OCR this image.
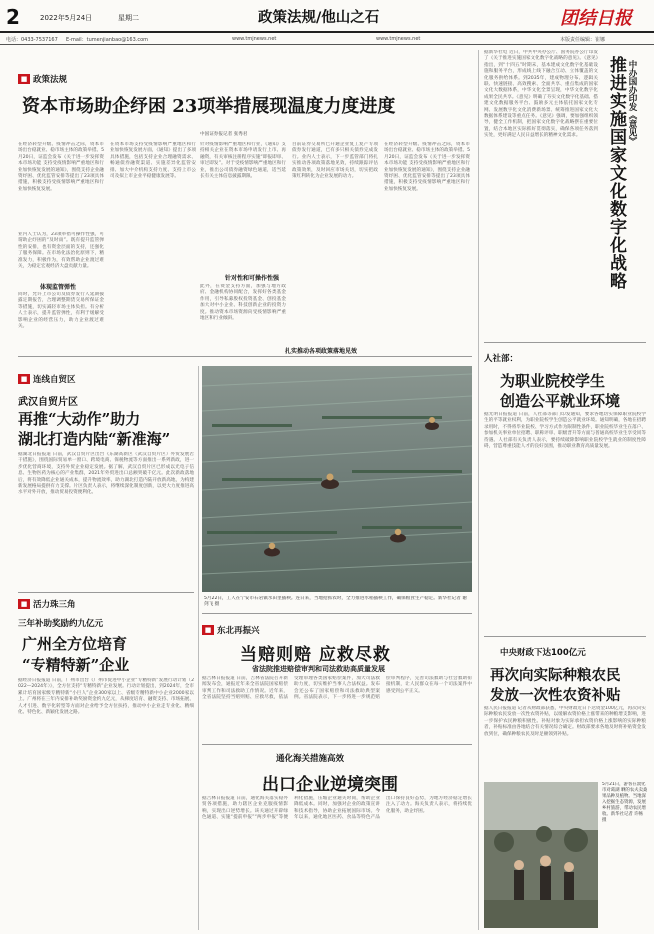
2	2022年5月24日	星期二	政策法规/他山之石	团结日报
电话：0433-7537167 E-mail：tumenjianbao@163.com	www.tmjnews.net	www.tmjnews.net	本版责任编辑：崔娜
■ 政策法规
资本市场助企纾困 23项举措展现温度力度进度
中国证券报记者 张秀君
在经济转型升级、疫情冲击之际，资本市场出台稳就业、稳市场主体的政策举措。5月20日，证监会发布《关于进一步发挥资本市场功能 支持受疫情影响严重地区和行业加快恢复发展的通知》，围绕支持企业融资纾困、优化监管安排等提出了23项具体措施，积极支持受疫情影响严重地区和行业加快恢复发展。
业内人士认为，23项举措可操作性强，可谓助企纾困的“及时雨”。既有提升监管弹性的安排，也有资金层面的支持，还强化了服务保障。在市场化法治化原则下，精准发力，积极作为，有效帮助企业渡过难关，为稳定宏观经济大盘贡献力量。
体现监管弹性
同时，允许上市公司及债券发行人延期披露定期报告，合理调整期货交易所保证金等措施，切实减轻市场主体负担。有分析人士表示，提升监管弹性，有利于缓解受影响企业的经营压力，助力企业渡过难关。
在资本市场支持受疫情影响严重地区和行业加快恢复发展方面，《通知》提出了多项具体措施，包括支持企业合理融资需求、畅通债券融资渠道、实施差异化监管安排、加大中介机构支持力度、支持上市公司及拟上市企业平稳健康发展等。
针对疫情影响严重地区和行业，《通知》支持相关企业在资本市场申请发行上市、再融资，有关审核注册程序实施“即报即审、审过即发”。对于受疫情影响严重地区和行业，推出公司债券融资绿色通道，适当延长有关主体信息披露期限。
针对性和可操作性强
此外，在资金支持方面，加强与地方政府、金融机构协同配合，发挥好各类基金作用，引导私募股权投资基金、创投基金加大对中小企业、科技创新企业的投资力度。推动资本市场资源向受疫情影响严重地区和行业倾斜。
扎实推动各项政策落地见效
目前证券交易所已开通企业复工复产专项债券发行通道，已有多只相关债券完成发行。业内人士表示，下一步监管部门将扎实推动各项政策落地见效，持续跟踪评估政策效果，及时回应市场关切，切实把政策红利转化为企业发展的动力。
在经济转型升级、疫情冲击之际，资本市场出台稳就业、稳市场主体的政策举措。5月20日，证监会发布《关于进一步发挥资本市场功能 支持受疫情影响严重地区和行业加快恢复发展的通知》，围绕支持企业融资纾困、优化监管安排等提出了23项具体措施，积极支持受疫情影响严重地区和行业加快恢复发展。
■ 连线自贸区
武汉自贸片区
再推“大动作”助力
湖北打造内陆“新准海”
据湖北日报报道 日前，武汉自贸片区出台《东湖高新区（武汉自贸片区）外贸发展若干措施》，围绕国际贸易单一窗口、跨境电商、保税物流等方面推出一系列新政，进一步优化营商环境，支持外贸企业稳定发展。据了解，武汉自贸片区已形成以光电子信息、生物医药为核心的产业集群，2021年外贸进出口总额突破千亿元。此次新政落地后，将有效降低企业通关成本，提升物流效率，助力湖北打造内陆开放新高地，为构建新发展格局提供有力支撑。片区负责人表示，将继续深化制度创新，以更大力度推进高水平对外开放，推动贸易投资便利化。
■ 活力珠三角
三年补助奖励约九亿元
广州全方位培育
“专精特新”企业
据经济日报报道 日前，广州市出台《广州市促进中小企业“专精特新”发展行动计划（2022—2024年）》，全方位支持“专精特新”企业发展。行动计划提出，到2024年，全市累计培育国家级专精特新“小巨人”企业300家以上、省级专精特新中小企业2000家以上。广州将在三年内安排补助奖励资金约九亿元，从梯度培育、融资支持、市场拓展、人才引进、数字化转型等方面对企业给予全方位扶持，推动中小企业走专业化、精细化、特色化、新颖化发展之路。
5月22日，工人在宁安市石岩镇水田里插秧。连日来，当地抢抓农时，全力推进水稻插秧工作，确保粮食生产稳定。新华社记者 谢剑飞 摄
■ 东北再振兴
当赔则赔 应救尽救
省法院推进赔偿审判和司法救助高质量发展
据吉林日报报道 日前，吉林省法院召开新闻发布会，通报近年来全省法院国家赔偿审判工作和司法救助工作情况。近年来，全省法院坚持当赔则赔、应救尽救，依法受理审理各类国家赔偿案件，加大司法救助力度，切实维护当事人合法权益。发布会还公布了国家赔偿和司法救助典型案例。省法院表示，下一步将进一步规范赔偿审判程序，完善司法救助与社会救助衔接机制，让人民群众在每一个司法案件中感受到公平正义。
通化海关措施高效
出口企业逆境突围
据吉林日报报道 日前，通化海关落实稳外贸各项措施，助力辖区企业克服疫情影响，实现出口逆势增长。该关通过开辟绿色通道、实施“提前申报”“两步申报”等便利化措施，压缩企业通关时间，帮助企业降低成本。同时，加强对企业的政策宣讲和技术指导，协助企业拓展国际市场。今年以来，通化地区医药、食品等特色产品出口保持良好态势，为地方经济稳定增长注入了动力。海关负责人表示，将持续优化服务，助企纾困。
中办国办印发《意见》
推进实施国家文化数字化战略
据新华社电 近日，中共中央办公厅、国务院办公厅印发了《关于推进实施国家文化数字化战略的意见》。《意见》指出，到“十四五”时期末，基本建成文化数字化基础设施和服务平台，形成线上线下融合互动、立体覆盖的文化服务供给体系。到2035年，建成物理分布、逻辑关联、快速链接、高效搜索、全面共享、重点集成的国家文化大数据体系，中华文化全景呈现，中华文化数字化成果全民共享。《意见》明确了夯实文化数字化基础、搭建文化数据服务平台、鼓励多元主体依托国家文化专网、发展数字化文化消费新场景、统筹推进国家文化大数据体系建设等重点任务。《意见》强调，要加强组织领导，健全工作机制，把国家文化数字化战略摆在重要位置，结合本地区实际抓好贯彻落实，确保各项任务落到实处，更好满足人民日益增长的精神文化需求。
人社部：
为职业院校学生
创造公平就业环境
据光明日报报道 日前，人社部等部门印发通知，要求各地切实保障职业院校学生的平等就业权利，为职业院校学生创造公平就业环境。通知明确，各地在招聘录用时，不得将毕业院校、学习方式作为限制性条件，职业院校毕业生在落户、参加机关事业单位招聘、职称评审、职级晋升等方面与普通高校毕业生享受同等待遇。人社部有关负责人表示，要持续破除影响职业院校学生就业的制度性障碍，营造尊重技能人才的良好氛围，推动职业教育高质量发展。
中央财政下达100亿元
再次向实际种粮农民
发放一次性农资补贴
据人民日报报道 记者从财政部获悉，中央财政近日下达资金100亿元，再次向实际种粮农民发放一次性农资补贴，以缓解农资价格上涨带来的种粮增支影响，进一步保护农民种粮积极性。补贴对象为实际承担农资价格上涨影响的实际种粮者，补贴标准由各地结合有关情况综合确定。财政部要求各地及时将补贴资金发放到位，确保种粮农民及时足额领到补贴。
5月21日，游客在敦化市对葛湖 晒的农夫卖桑果品种及植物。当地深入挖掘生态资源，发展乡村旅游，带动农民增收。新华社记者 许畅 摄
